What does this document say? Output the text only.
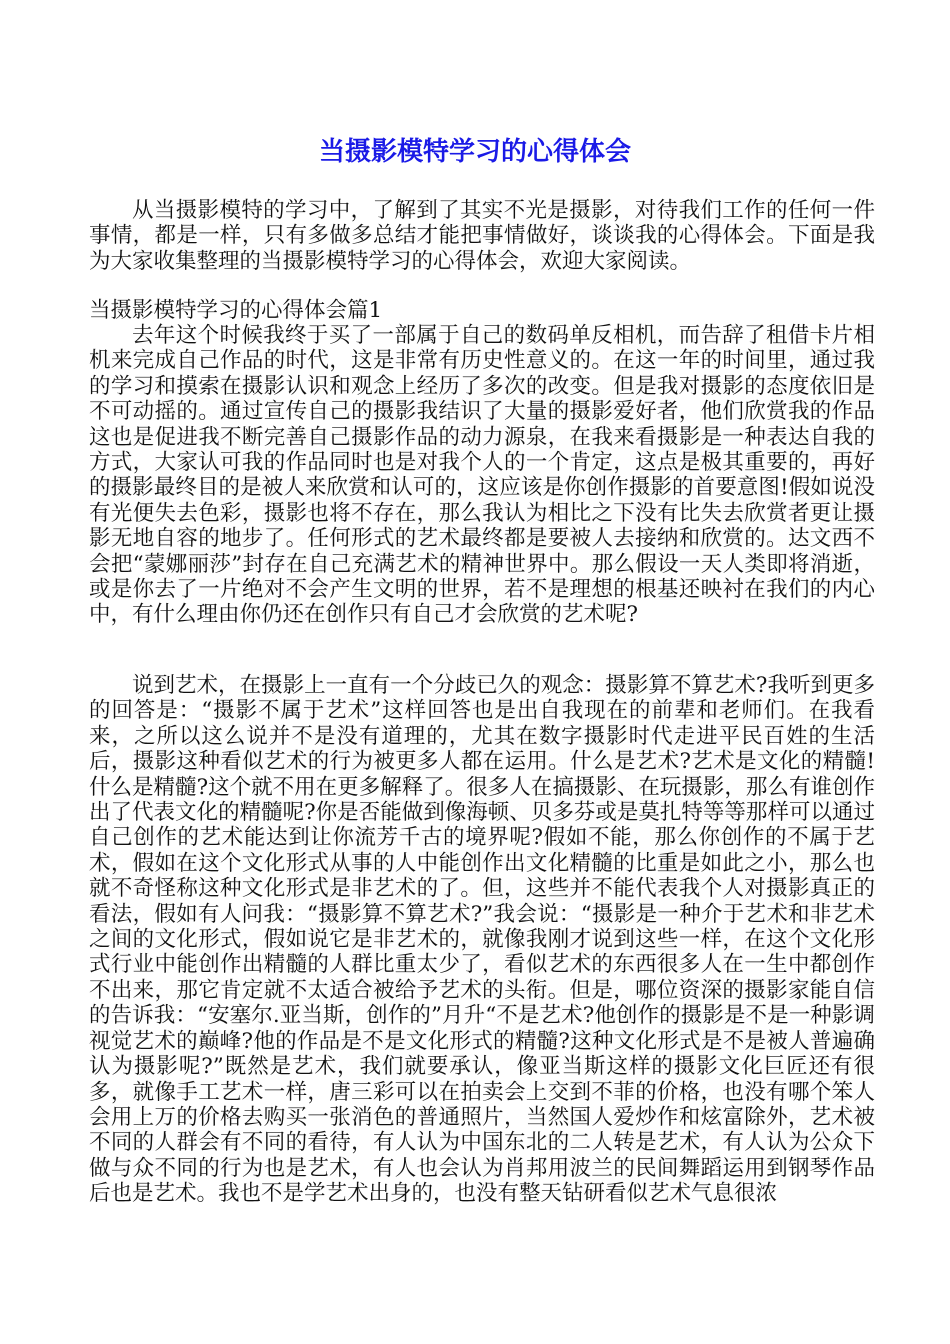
当摄影模特学习的心得体会

从当摄影模特的学习中，了解到了其实不光是摄影，对待我们工作的任何一件事情，都是一样，只有多做多总结才能把事情做好，谈谈我的心得体会。下面是我为大家收集整理的当摄影模特学习的心得体会，欢迎大家阅读。

当摄影模特学习的心得体会篇1

去年这个时候我终于买了一部属于自己的数码单反相机，而告辞了租借卡片相机来完成自己作品的时代，这是非常有历史性意义的。在这一年的时间里，通过我的学习和摸索在摄影认识和观念上经历了多次的改变。但是我对摄影的态度依旧是不可动摇的。通过宣传自己的摄影我结识了大量的摄影爱好者，他们欣赏我的作品这也是促进我不断完善自己摄影作品的动力源泉，在我来看摄影是一种表达自我的方式，大家认可我的作品同时也是对我个人的一个肯定，这点是极其重要的，再好的摄影最终目的是被人来欣赏和认可的，这应该是你创作摄影的首要意图!假如说没有光便失去色彩，摄影也将不存在，那么我认为相比之下没有比失去欣赏者更让摄影无地自容的地步了。任何形式的艺术最终都是要被人去接纳和欣赏的。达文西不会把“蒙娜丽莎”封存在自己充满艺术的精神世界中。那么假设一天人类即将消逝，或是你去了一片绝对不会产生文明的世界，若不是理想的根基还映衬在我们的内心中，有什么理由你仍还在创作只有自己才会欣赏的艺术呢?

说到艺术，在摄影上一直有一个分歧已久的观念：摄影算不算艺术?我听到更多的回答是：“摄影不属于艺术”这样回答也是出自我现在的前辈和老师们。在我看来，之所以这么说并不是没有道理的，尤其在数字摄影时代走进平民百姓的生活后，摄影这种看似艺术的行为被更多人都在运用。什么是艺术?艺术是文化的精髓!什么是精髓?这个就不用在更多解释了。很多人在搞摄影、在玩摄影，那么有谁创作出了代表文化的精髓呢?你是否能做到像海顿、贝多芬或是莫扎特等等那样可以通过自己创作的艺术能达到让你流芳千古的境界呢?假如不能，那么你创作的不属于艺术，假如在这个文化形式从事的人中能创作出文化精髓的比重是如此之小，那么也就不奇怪称这种文化形式是非艺术的了。但，这些并不能代表我个人对摄影真正的看法，假如有人问我：“摄影算不算艺术?”我会说：“摄影是一种介于艺术和非艺术之间的文化形式，假如说它是非艺术的，就像我刚才说到这些一样，在这个文化形式行业中能创作出精髓的人群比重太少了，看似艺术的东西很多人在一生中都创作不出来，那它肯定就不太适合被给予艺术的头衔。但是，哪位资深的摄影家能自信的告诉我：“安塞尔.亚当斯，创作的”月升“不是艺术?他创作的摄影是不是一种影调视觉艺术的巅峰?他的作品是不是文化形式的精髓?这种文化形式是不是被人普遍确认为摄影呢?”既然是艺术，我们就要承认，像亚当斯这样的摄影文化巨匠还有很多，就像手工艺术一样，唐三彩可以在拍卖会上交到不菲的价格，也没有哪个笨人会用上万的价格去购买一张消色的普通照片，当然国人爱炒作和炫富除外，艺术被不同的人群会有不同的看待，有人认为中国东北的二人转是艺术，有人认为公众下做与众不同的行为也是艺术，有人也会认为肖邦用波兰的民间舞蹈运用到钢琴作品后也是艺术。我也不是学艺术出身的，也没有整天钻研看似艺术气息很浓
